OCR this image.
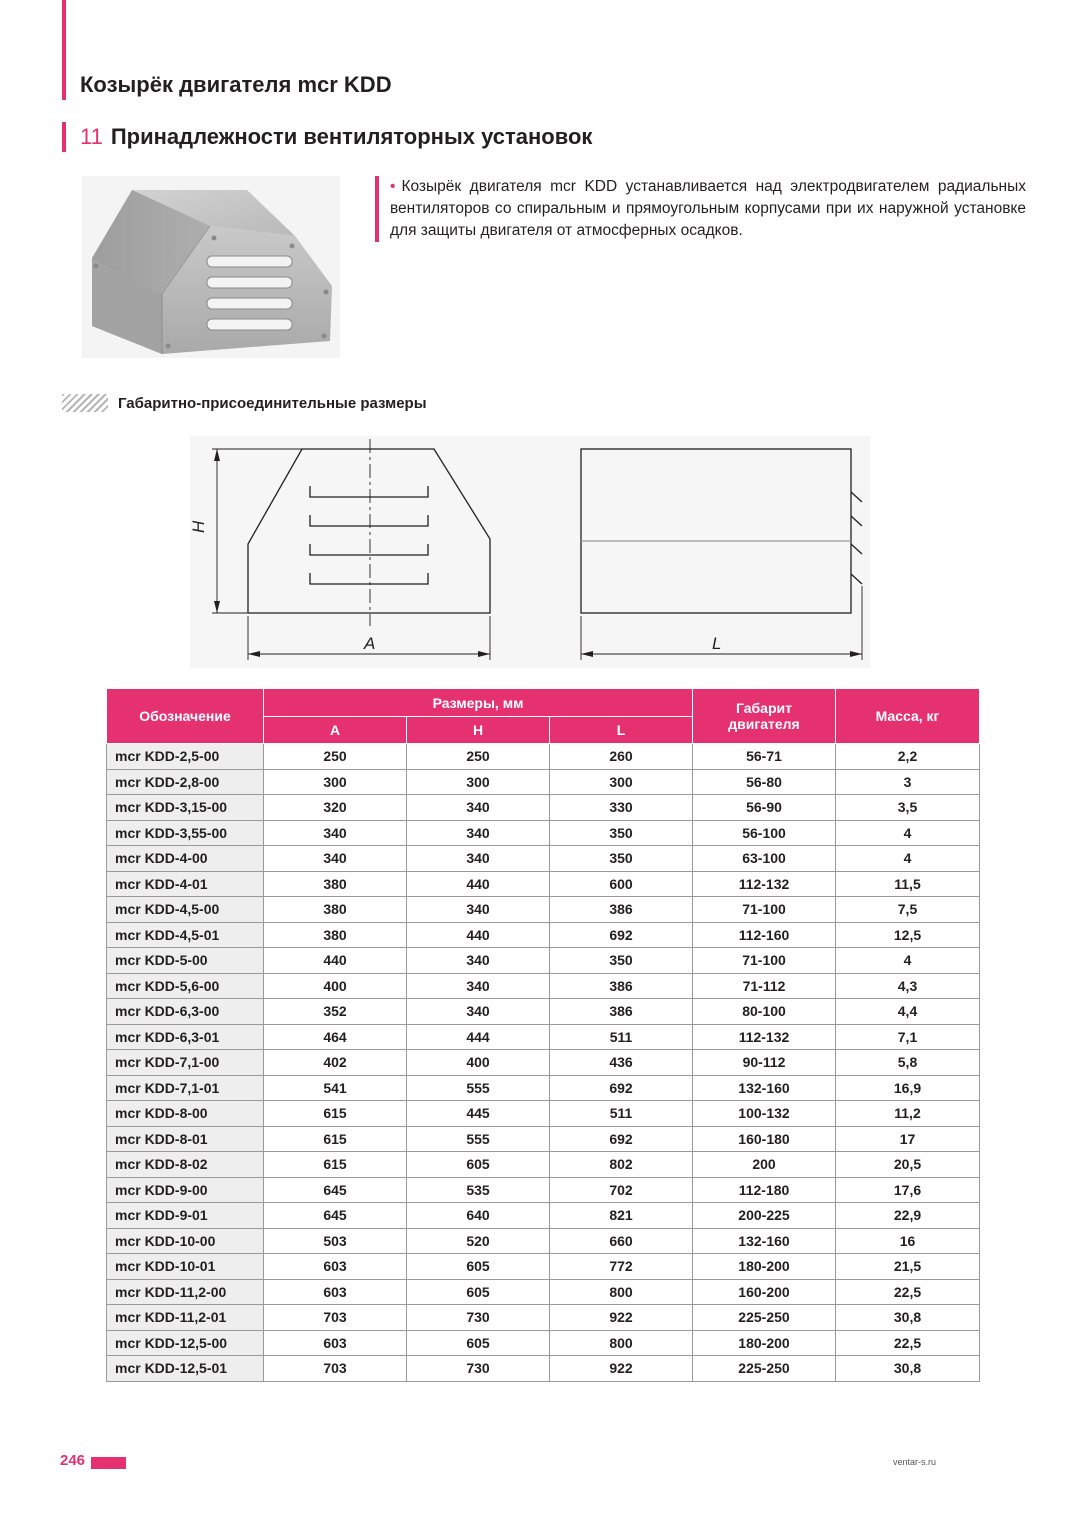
Козырёк двигателя mcr KDD
11 Принадлежности вентиляторных установок

• Козырёк двигателя mcr KDD устанавливается над электродвигателем радиальных вентиляторов со спиральным и прямоугольным корпусами при их наружной установке для защиты двигателя от атмосферных осадков.

Габаритно-присоединительные размеры
H
A	L
Обозначение	Размеры, мм			Габарит двигателя	Масса, кг
	A	H	L		
mcr KDD-2,5-00	250	250	260	56-71	2,2
mcr KDD-2,8-00	300	300	300	56-80	3
mcr KDD-3,15-00	320	340	330	56-90	3,5
mcr KDD-3,55-00	340	340	350	56-100	4
mcr KDD-4-00	340	340	350	63-100	4
mcr KDD-4-01	380	440	600	112-132	11,5
mcr KDD-4,5-00	380	340	386	71-100	7,5
mcr KDD-4,5-01	380	440	692	112-160	12,5
mcr KDD-5-00	440	340	350	71-100	4
mcr KDD-5,6-00	400	340	386	71-112	4,3
mcr KDD-6,3-00	352	340	386	80-100	4,4
mcr KDD-6,3-01	464	444	511	112-132	7,1
mcr KDD-7,1-00	402	400	436	90-112	5,8
mcr KDD-7,1-01	541	555	692	132-160	16,9
mcr KDD-8-00	615	445	511	100-132	11,2
mcr KDD-8-01	615	555	692	160-180	17
mcr KDD-8-02	615	605	802	200	20,5
mcr KDD-9-00	645	535	702	112-180	17,6
mcr KDD-9-01	645	640	821	200-225	22,9
mcr KDD-10-00	503	520	660	132-160	16
mcr KDD-10-01	603	605	772	180-200	21,5
mcr KDD-11,2-00	603	605	800	160-200	22,5
mcr KDD-11,2-01	703	730	922	225-250	30,8
mcr KDD-12,5-00	603	605	800	180-200	22,5
mcr KDD-12,5-01	703	730	922	225-250	30,8
246	ventar-s.ru
